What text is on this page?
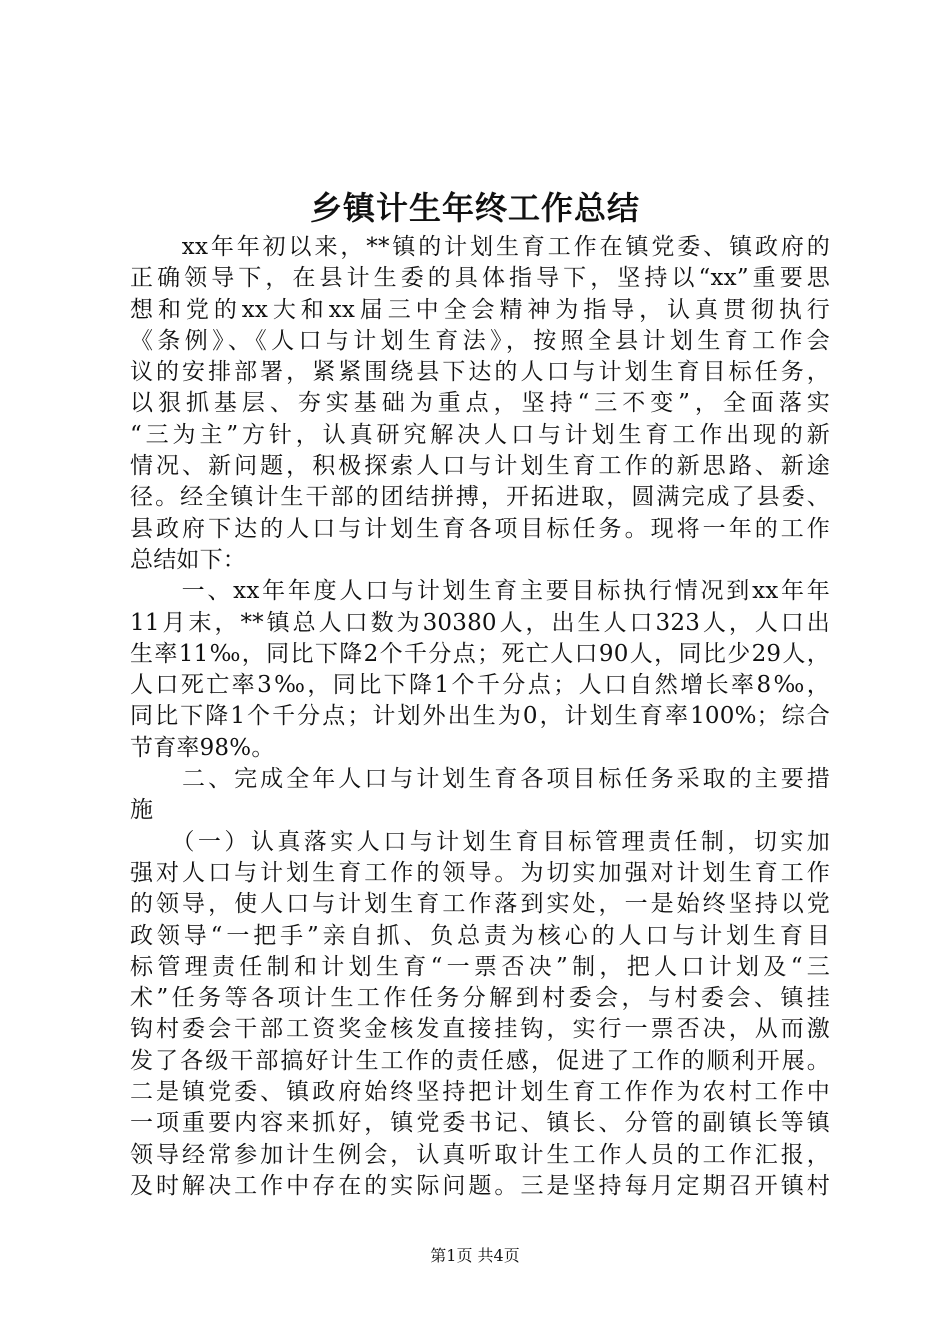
乡镇计生年终工作总结
　　xx年年初以来，**镇的计划生育工作在镇党委、镇政府的
正确领导下，在县计生委的具体指导下，坚持以“xx”重要思
想和党的xx大和xx届三中全会精神为指导，认真贯彻执行
《条例》、《人口与计划生育法》，按照全县计划生育工作会
议的安排部署，紧紧围绕县下达的人口与计划生育目标任务，
以狠抓基层、夯实基础为重点，坚持“三不变”，全面落实
“三为主”方针，认真研究解决人口与计划生育工作出现的新
情况、新问题，积极探索人口与计划生育工作的新思路、新途
径。经全镇计生干部的团结拼搏，开拓进取，圆满完成了县委、
县政府下达的人口与计划生育各项目标任务。现将一年的工作
总结如下：
　　一、xx年年度人口与计划生育主要目标执行情况到xx年年
11月末，**镇总人口数为30380人，出生人口323人，人口出
生率11‰，同比下降2个千分点；死亡人口90人，同比少29人，
人口死亡率3‰，同比下降1个千分点；人口自然增长率8‰，
同比下降1个千分点；计划外出生为0，计划生育率100%；综合
节育率98%。
　　二、完成全年人口与计划生育各项目标任务采取的主要措
施
　　（一）认真落实人口与计划生育目标管理责任制，切实加
强对人口与计划生育工作的领导。为切实加强对计划生育工作
的领导，使人口与计划生育工作落到实处，一是始终坚持以党
政领导“一把手”亲自抓、负总责为核心的人口与计划生育目
标管理责任制和计划生育“一票否决”制，把人口计划及“三
术”任务等各项计生工作任务分解到村委会，与村委会、镇挂
钩村委会干部工资奖金核发直接挂钩，实行一票否决，从而激
发了各级干部搞好计生工作的责任感，促进了工作的顺利开展。
二是镇党委、镇政府始终坚持把计划生育工作作为农村工作中
一项重要内容来抓好，镇党委书记、镇长、分管的副镇长等镇
领导经常参加计生例会，认真听取计生工作人员的工作汇报，
及时解决工作中存在的实际问题。三是坚持每月定期召开镇村
第1页 共4页
